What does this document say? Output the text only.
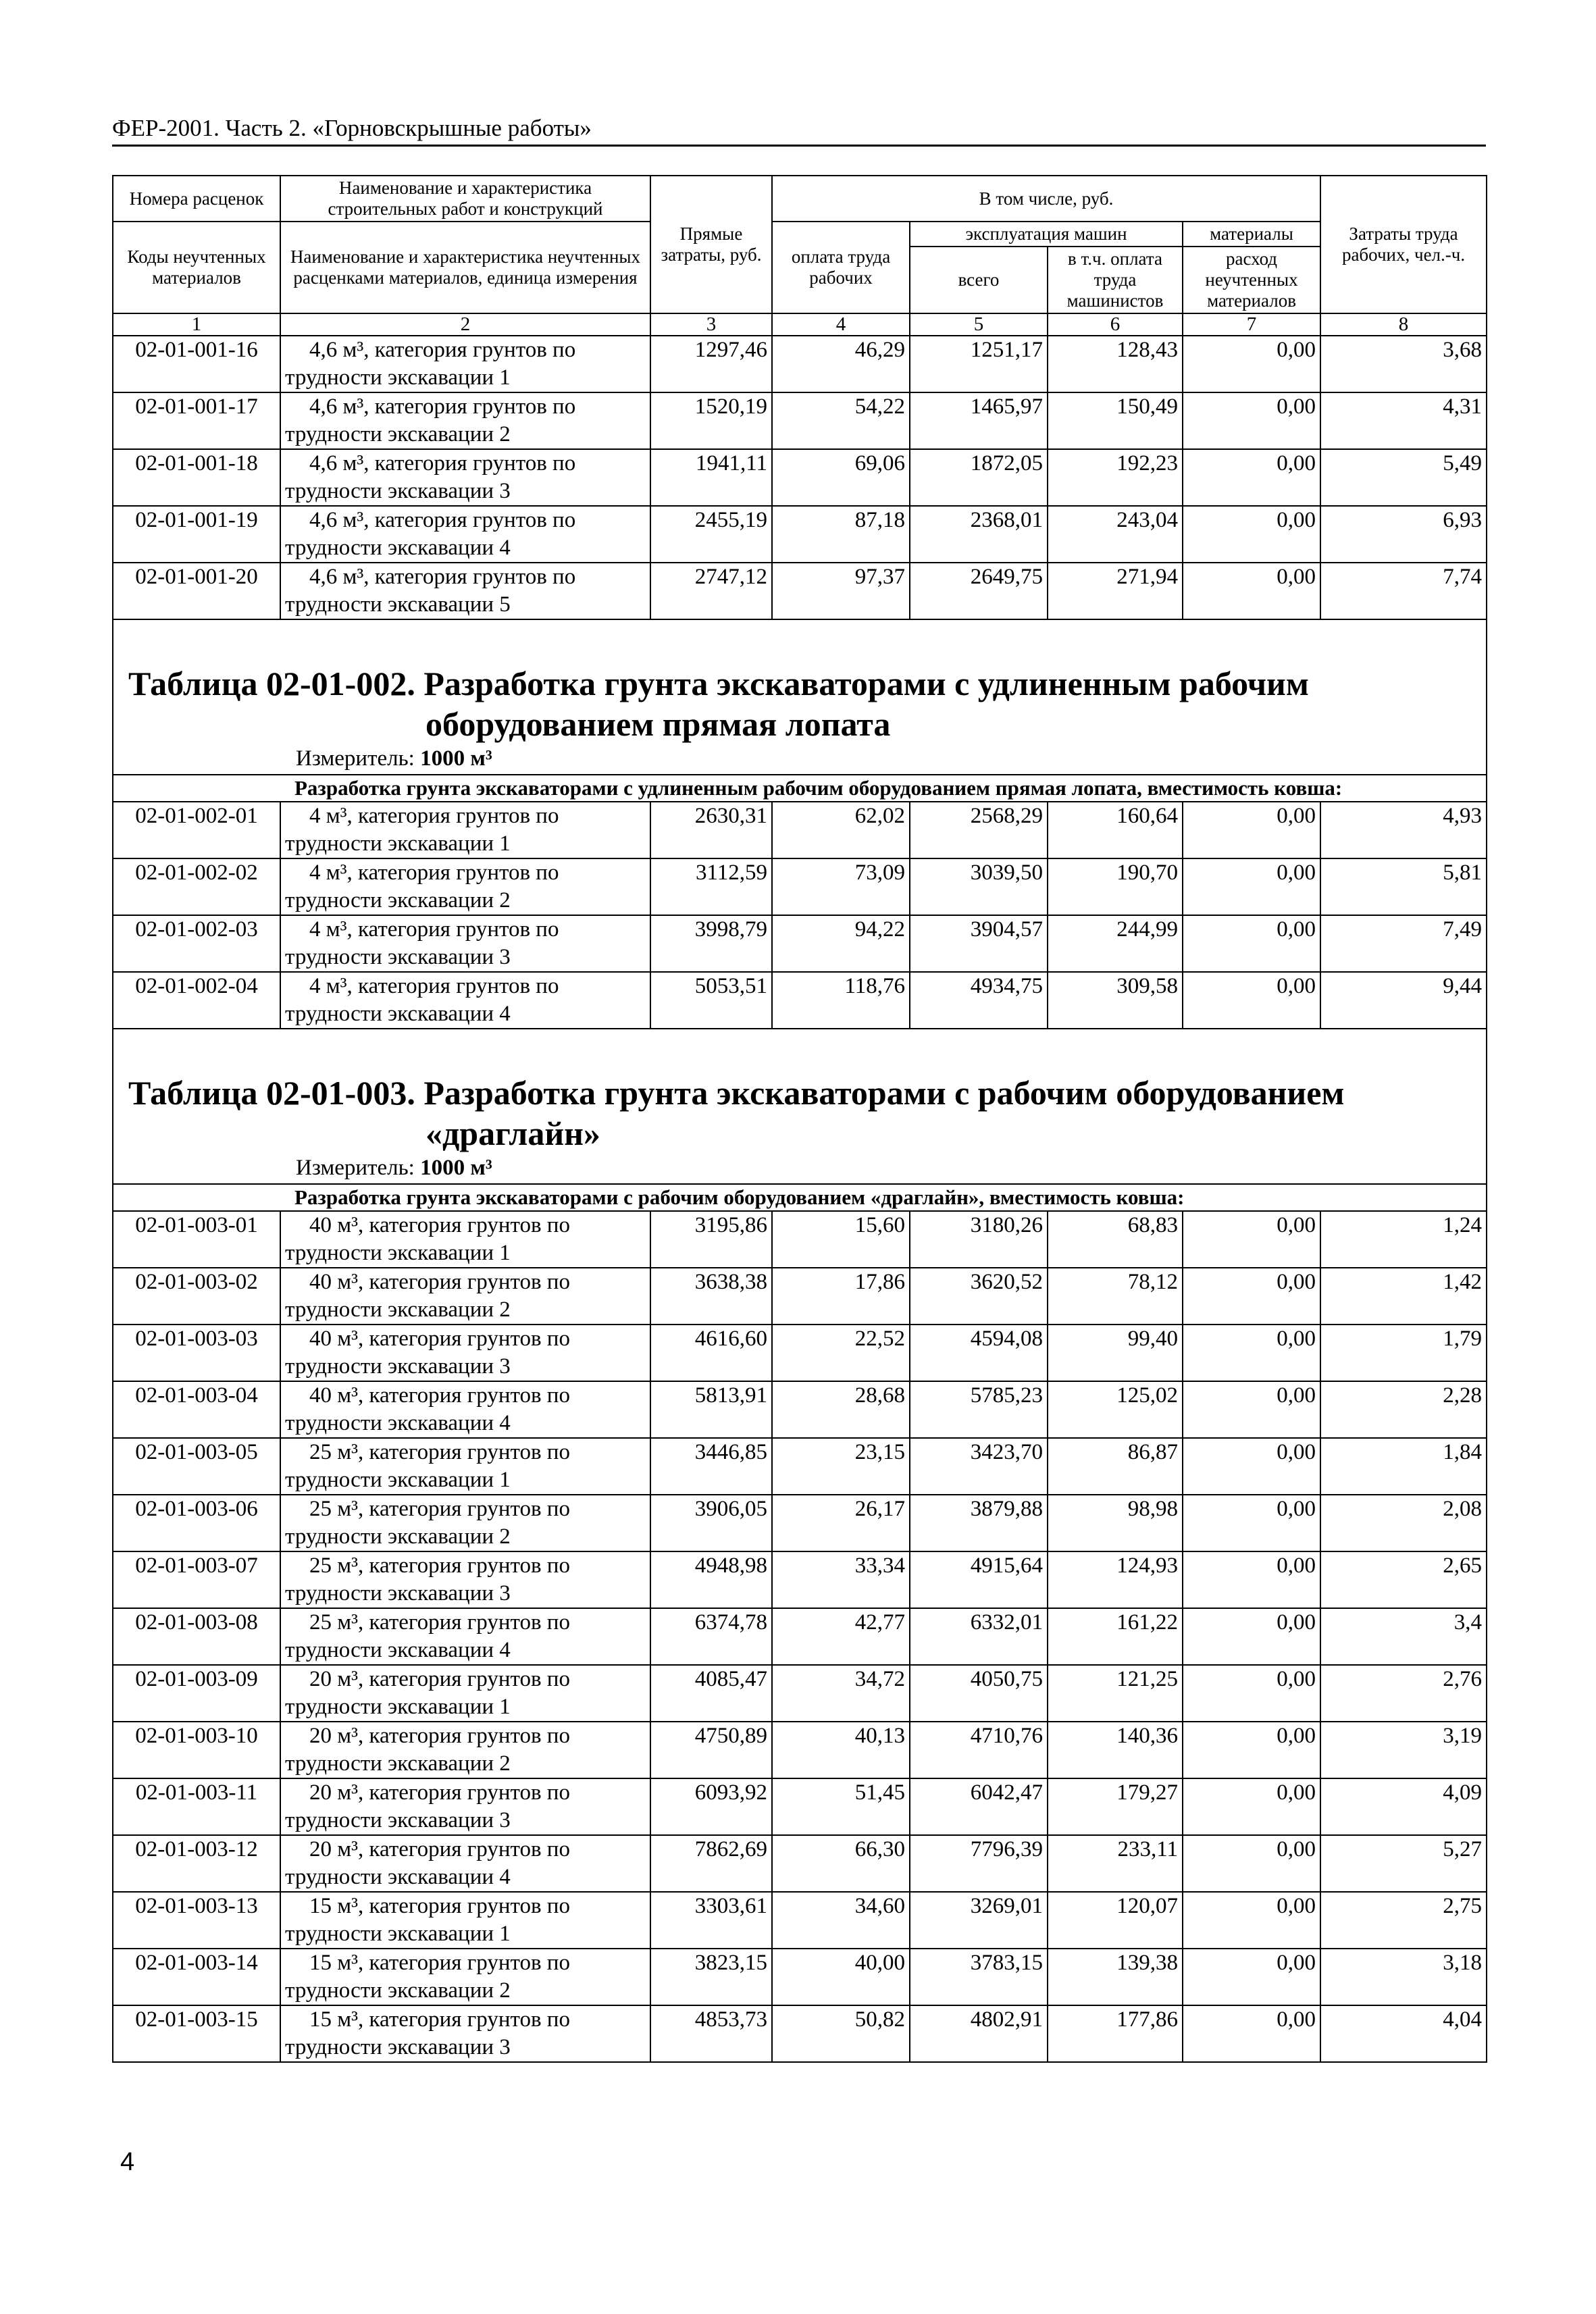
ФЕР-2001. Часть 2. «Горновскрышные работы»
Номера расценок	Наименование и характеристика строительных работ и конструкций	Прямые затраты, руб.	В том числе, руб.				Затраты труда рабочих, чел.-ч.
Коды неучтенных материалов	Наименование и характеристика неучтенных расценками материалов, единица измерения		оплата труда рабочих	эксплуатация машин		материалы	
				всего	в т.ч. оплата труда машинистов	расход неучтенных материалов	
1	2	3	4	5	6	7	8
02-01-001-16	4,6 м³, категория грунтов по
трудности экскавации 1	1297,46	46,29	1251,17	128,43	0,00	3,68
02-01-001-17	4,6 м³, категория грунтов по
трудности экскавации 2	1520,19	54,22	1465,97	150,49	0,00	4,31
02-01-001-18	4,6 м³, категория грунтов по
трудности экскавации 3	1941,11	69,06	1872,05	192,23	0,00	5,49
02-01-001-19	4,6 м³, категория грунтов по
трудности экскавации 4	2455,19	87,18	2368,01	243,04	0,00	6,93
02-01-001-20	4,6 м³, категория грунтов по
трудности экскавации 5	2747,12	97,37	2649,75	271,94	0,00	7,74

Таблица 02-01-002. Разработка грунта экскаваторами с удлиненным рабочим
оборудованием прямая лопата
Измеритель: 1000 м³							

Разработка грунта экскаваторами с удлиненным рабочим оборудованием прямая лопата, вместимость ковша:							
02-01-002-01	4 м³, категория грунтов по
трудности экскавации 1	2630,31	62,02	2568,29	160,64	0,00	4,93
02-01-002-02	4 м³, категория грунтов по
трудности экскавации 2	3112,59	73,09	3039,50	190,70	0,00	5,81
02-01-002-03	4 м³, категория грунтов по
трудности экскавации 3	3998,79	94,22	3904,57	244,99	0,00	7,49
02-01-002-04	4 м³, категория грунтов по
трудности экскавации 4	5053,51	118,76	4934,75	309,58	0,00	9,44

Таблица 02-01-003. Разработка грунта экскаваторами с рабочим оборудованием
«драглайн»
Измеритель: 1000 м³							

Разработка грунта экскаваторами с рабочим оборудованием «драглайн», вместимость ковша:							
02-01-003-01	40 м³, категория грунтов по
трудности экскавации 1	3195,86	15,60	3180,26	68,83	0,00	1,24
02-01-003-02	40 м³, категория грунтов по
трудности экскавации 2	3638,38	17,86	3620,52	78,12	0,00	1,42
02-01-003-03	40 м³, категория грунтов по
трудности экскавации 3	4616,60	22,52	4594,08	99,40	0,00	1,79
02-01-003-04	40 м³, категория грунтов по
трудности экскавации 4	5813,91	28,68	5785,23	125,02	0,00	2,28
02-01-003-05	25 м³, категория грунтов по
трудности экскавации 1	3446,85	23,15	3423,70	86,87	0,00	1,84
02-01-003-06	25 м³, категория грунтов по
трудности экскавации 2	3906,05	26,17	3879,88	98,98	0,00	2,08
02-01-003-07	25 м³, категория грунтов по
трудности экскавации 3	4948,98	33,34	4915,64	124,93	0,00	2,65
02-01-003-08	25 м³, категория грунтов по
трудности экскавации 4	6374,78	42,77	6332,01	161,22	0,00	3,4
02-01-003-09	20 м³, категория грунтов по
трудности экскавации 1	4085,47	34,72	4050,75	121,25	0,00	2,76
02-01-003-10	20 м³, категория грунтов по
трудности экскавации 2	4750,89	40,13	4710,76	140,36	0,00	3,19
02-01-003-11	20 м³, категория грунтов по
трудности экскавации 3	6093,92	51,45	6042,47	179,27	0,00	4,09
02-01-003-12	20 м³, категория грунтов по
трудности экскавации 4	7862,69	66,30	7796,39	233,11	0,00	5,27
02-01-003-13	15 м³, категория грунтов по
трудности экскавации 1	3303,61	34,60	3269,01	120,07	0,00	2,75
02-01-003-14	15 м³, категория грунтов по
трудности экскавации 2	3823,15	40,00	3783,15	139,38	0,00	3,18
02-01-003-15	15 м³, категория грунтов по
трудности экскавации 3	4853,73	50,82	4802,91	177,86	0,00	4,04
4
